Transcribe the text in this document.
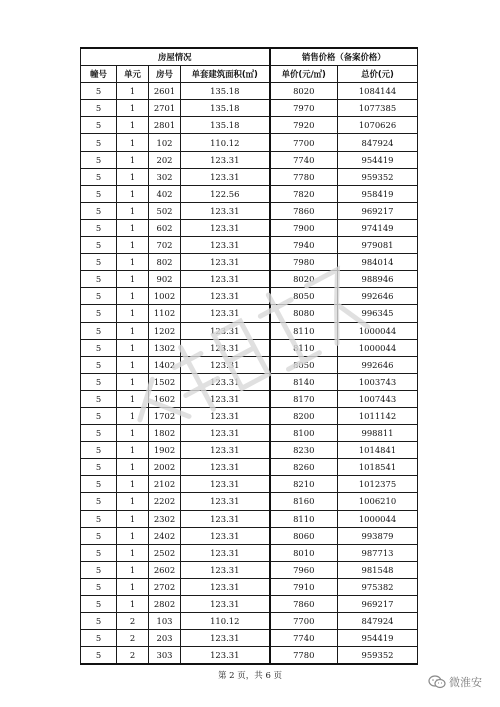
房屋情况				销售价格（备案价格）	
幢号	单元	房号	单套建筑面积(㎡)	单价(元/㎡)	总价(元)
5	1	2601	135.18	8020	1084144
5	1	2701	135.18	7970	1077385
5	1	2801	135.18	7920	1070626
5	1	102	110.12	7700	847924
5	1	202	123.31	7740	954419
5	1	302	123.31	7780	959352
5	1	402	122.56	7820	958419
5	1	502	123.31	7860	969217
5	1	602	123.31	7900	974149
5	1	702	123.31	7940	979081
5	1	802	123.31	7980	984014
5	1	902	123.31	8020	988946
5	1	1002	123.31	8050	992646
5	1	1102	123.31	8080	996345
5	1	1202	123.31	8110	1000044
5	1	1302	123.31	8110	1000044
5	1	1402	123.31	8050	992646
5	1	1502	123.31	8140	1003743
5	1	1602	123.31	8170	1007443
5	1	1702	123.31	8200	1011142
5	1	1802	123.31	8100	998811
5	1	1902	123.31	8230	1014841
5	1	2002	123.31	8260	1018541
5	1	2102	123.31	8210	1012375
5	1	2202	123.31	8160	1006210
5	1	2302	123.31	8110	1000044
5	1	2402	123.31	8060	993879
5	1	2502	123.31	8010	987713
5	1	2602	123.31	7960	981548
5	1	2702	123.31	7910	975382
5	1	2802	123.31	7860	969217
5	2	103	110.12	7700	847924
5	2	203	123.31	7740	954419
5	2	303	123.31	7780	959352
第 2 页，共 6 页	微淮安
